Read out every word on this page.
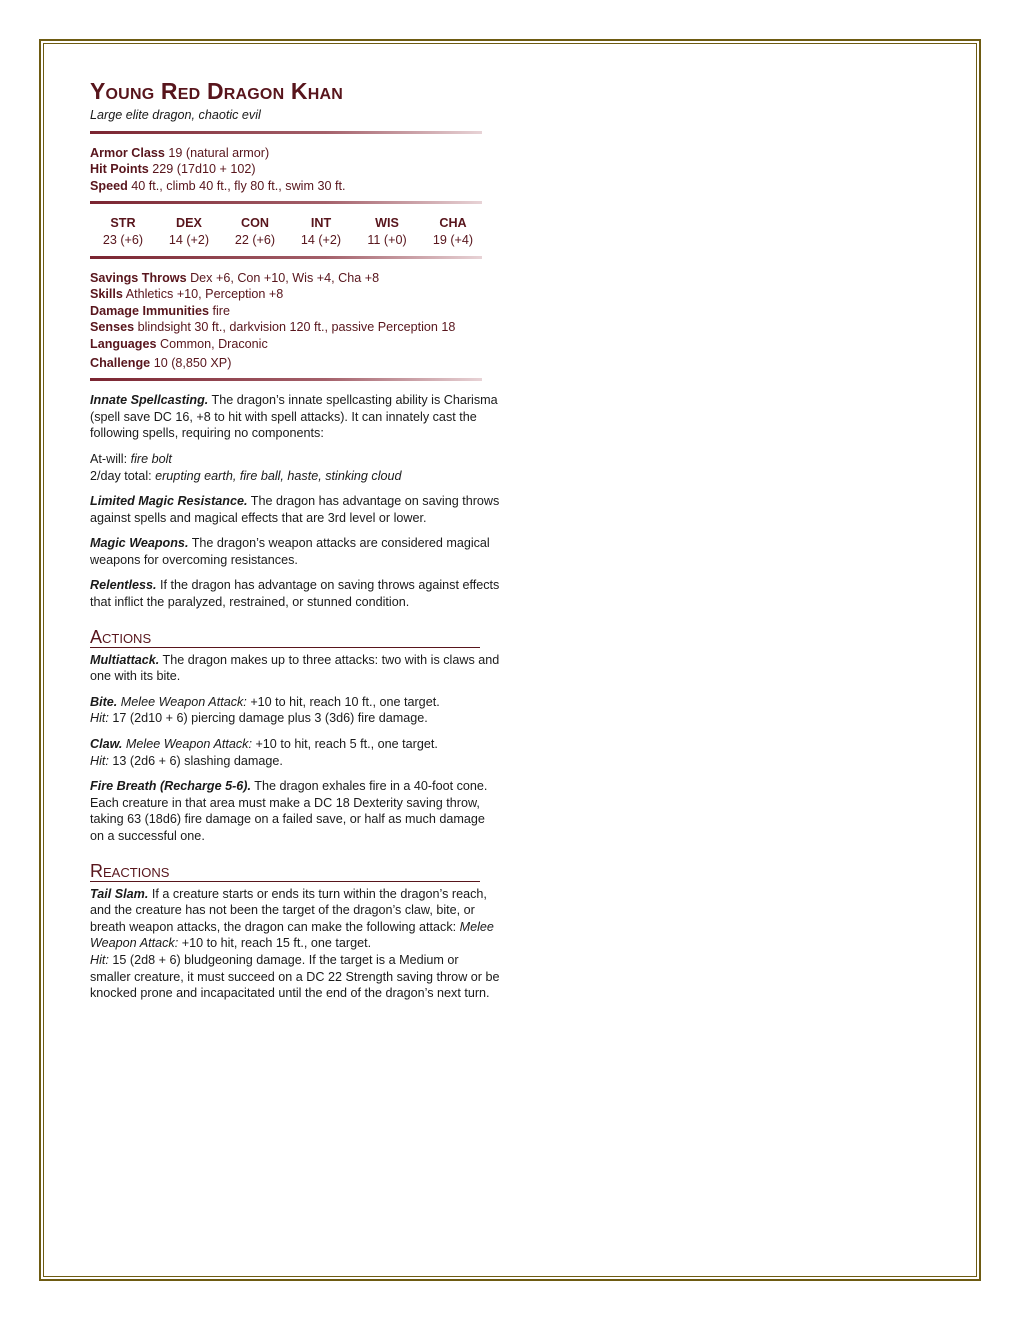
Young Red Dragon Khan
Large elite dragon, chaotic evil
Armor Class 19 (natural armor)
Hit Points 229 (17d10 + 102)
Speed 40 ft., climb 40 ft., fly 80 ft., swim 30 ft.
STR
23 (+6)
DEX
14 (+2)
CON
22 (+6)
INT
14 (+2)
WIS
11 (+0)
CHA
19 (+4)
Savings Throws Dex +6, Con +10, Wis +4, Cha +8
Skills Athletics +10, Perception +8
Damage Immunities fire
Senses blindsight 30 ft., darkvision 120 ft., passive Perception 18
Languages Common, Draconic
Challenge 10 (8,850 XP)

Innate Spellcasting. The dragon’s innate spellcasting ability is Charisma (spell save DC 16, +8 to hit with spell attacks). It can innately cast the following spells, requiring no components:

At-will: fire bolt
2/day total: erupting earth, fire ball, haste, stinking cloud

Limited Magic Resistance. The dragon has advantage on saving throws against spells and magical effects that are 3rd level or lower.

Magic Weapons. The dragon’s weapon attacks are considered magical weapons for overcoming resistances.

Relentless. If the dragon has advantage on saving throws against effects that inflict the paralyzed, restrained, or stunned condition.

Actions

Multiattack. The dragon makes up to three attacks: two with is claws and one with its bite.

Bite. Melee Weapon Attack: +10 to hit, reach 10 ft., one target.
Hit: 17 (2d10 + 6) piercing damage plus 3 (3d6) fire damage.

Claw. Melee Weapon Attack: +10 to hit, reach 5 ft., one target.
Hit: 13 (2d6 + 6) slashing damage.

Fire Breath (Recharge 5-6). The dragon exhales fire in a 40-foot cone. Each creature in that area must make a DC 18 Dexterity saving throw, taking 63 (18d6) fire damage on a failed save, or half as much damage on a successful one.

Reactions

Tail Slam. If a creature starts or ends its turn within the dragon’s reach, and the creature has not been the target of the dragon’s claw, bite, or breath weapon attacks, the dragon can make the following attack: Melee Weapon Attack: +10 to hit, reach 15 ft., one target.
Hit: 15 (2d8 + 6) bludgeoning damage. If the target is a Medium or smaller creature, it must succeed on a DC 22 Strength saving throw or be knocked prone and incapacitated until the end of the dragon’s next turn.
